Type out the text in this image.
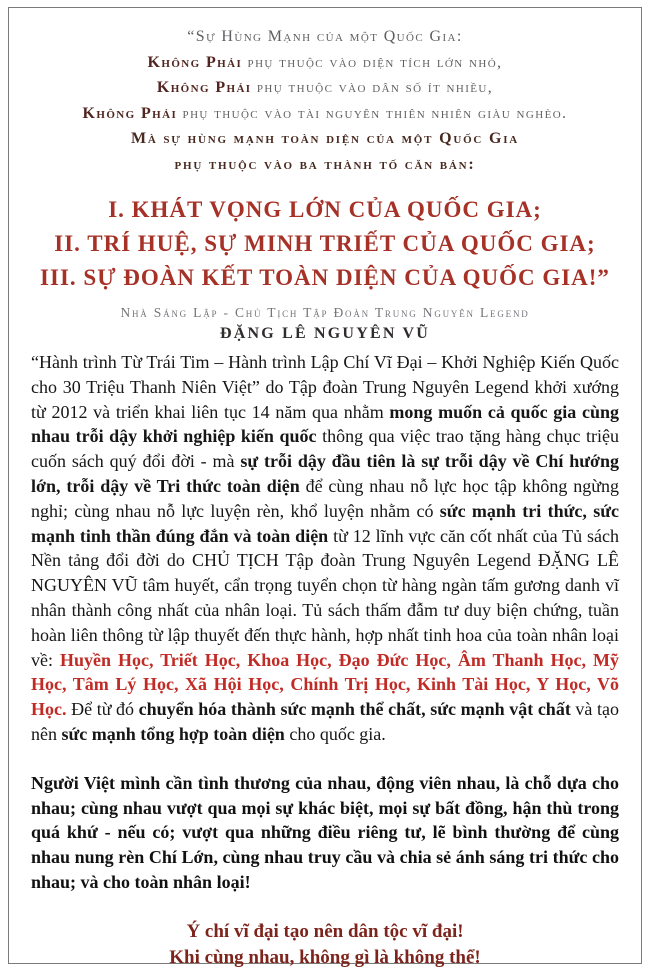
“Sự Hùng Mạnh của một Quốc Gia:
Không Phải phụ thuộc vào diện tích lớn nhỏ,
Không Phải phụ thuộc vào dân số ít nhiều,
Không Phải phụ thuộc vào tài nguyên thiên nhiên giàu nghèo.
Mà sự hùng mạnh toàn diện của một Quốc Gia
phụ thuộc vào ba thành tố căn bản:
I. KHÁT VỌNG LỚN CỦA QUỐC GIA;
II. TRÍ HUỆ, SỰ MINH TRIẾT CỦA QUỐC GIA;
III. SỰ ĐOÀN KẾT TOÀN DIỆN CỦA QUỐC GIA!”
Nhà Sáng Lập - Chủ Tịch Tập Đoàn Trung Nguyên Legend
ĐẶNG LÊ NGUYÊN VŨ
“Hành trình Từ Trái Tim – Hành trình Lập Chí Vĩ Đại – Khởi Nghiệp Kiến Quốc cho 30 Triệu Thanh Niên Việt” do Tập đoàn Trung Nguyên Legend khởi xướng từ 2012 và triển khai liên tục 14 năm qua nhằm mong muốn cả quốc gia cùng nhau trỗi dậy khởi nghiệp kiến quốc thông qua việc trao tặng hàng chục triệu cuốn sách quý đổi đời - mà sự trỗi dậy đầu tiên là sự trỗi dậy về Chí hướng lớn, trỗi dậy về Tri thức toàn diện để cùng nhau nỗ lực học tập không ngừng nghỉ; cùng nhau nỗ lực luyện rèn, khổ luyện nhằm có sức mạnh tri thức, sức mạnh tinh thần đúng đắn và toàn diện từ 12 lĩnh vực căn cốt nhất của Tủ sách Nền tảng đổi đời do CHỦ TỊCH Tập đoàn Trung Nguyên Legend ĐẶNG LÊ NGUYÊN VŨ tâm huyết, cẩn trọng tuyển chọn từ hàng ngàn tấm gương danh vĩ nhân thành công nhất của nhân loại. Tủ sách thấm đẫm tư duy biện chứng, tuần hoàn liên thông từ lập thuyết đến thực hành, hợp nhất tinh hoa của toàn nhân loại về: Huyền Học, Triết Học, Khoa Học, Đạo Đức Học, Âm Thanh Học, Mỹ Học, Tâm Lý Học, Xã Hội Học, Chính Trị Học, Kinh Tài Học, Y Học, Võ Học. Để từ đó chuyển hóa thành sức mạnh thể chất, sức mạnh vật chất và tạo nên sức mạnh tổng hợp toàn diện cho quốc gia.
Người Việt mình cần tình thương của nhau, động viên nhau, là chỗ dựa cho nhau; cùng nhau vượt qua mọi sự khác biệt, mọi sự bất đồng, hận thù trong quá khứ - nếu có; vượt qua những điều riêng tư, lẽ bình thường để cùng nhau nung rèn Chí Lớn, cùng nhau truy cầu và chia sẻ ánh sáng tri thức cho nhau; và cho toàn nhân loại!
Ý chí vĩ đại tạo nên dân tộc vĩ đại!
Khi cùng nhau, không gì là không thể!
